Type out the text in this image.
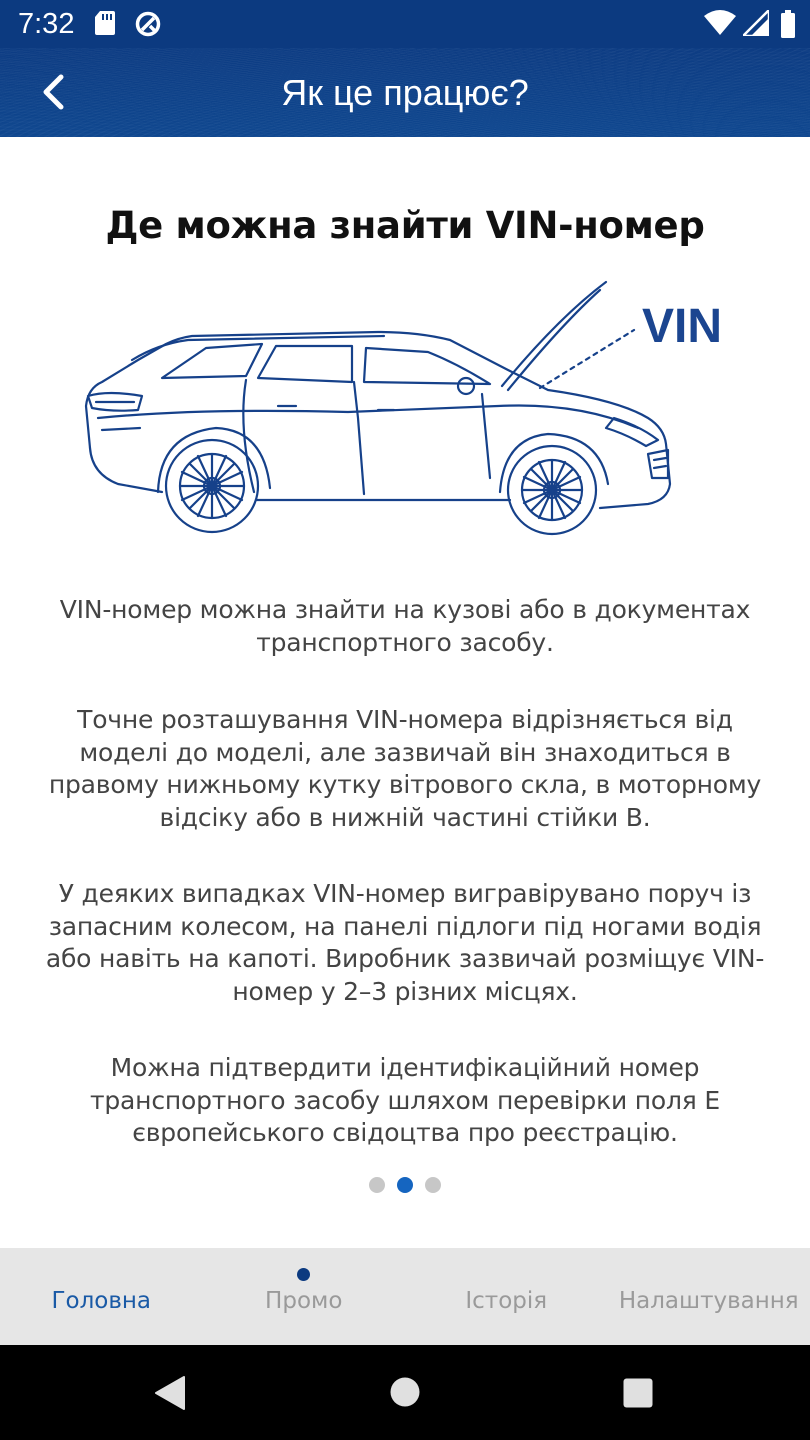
7:32
Як це працює?
Де можна знайти VIN-номер
VIN
VIN-номер можна знайти на кузові або в документах транспортного засобу.
Точне розташування VIN-номера відрізняється від моделі до моделі, але зазвичай він знаходиться в правому нижньому кутку вітрового скла, в моторному відсіку або в нижній частині стійки B.
У деяких випадках VIN-номер вигравірувано поруч із запасним колесом, на панелі підлоги під ногами водія або навіть на капоті. Виробник зазвичай розміщує VIN-номер у 2–3 різних місцях.
Можна підтвердити ідентифікаційний номер транспортного засобу шляхом перевірки поля E європейського свідоцтва про реєстрацію.
Головна	Промо	Історія	Налаштування
